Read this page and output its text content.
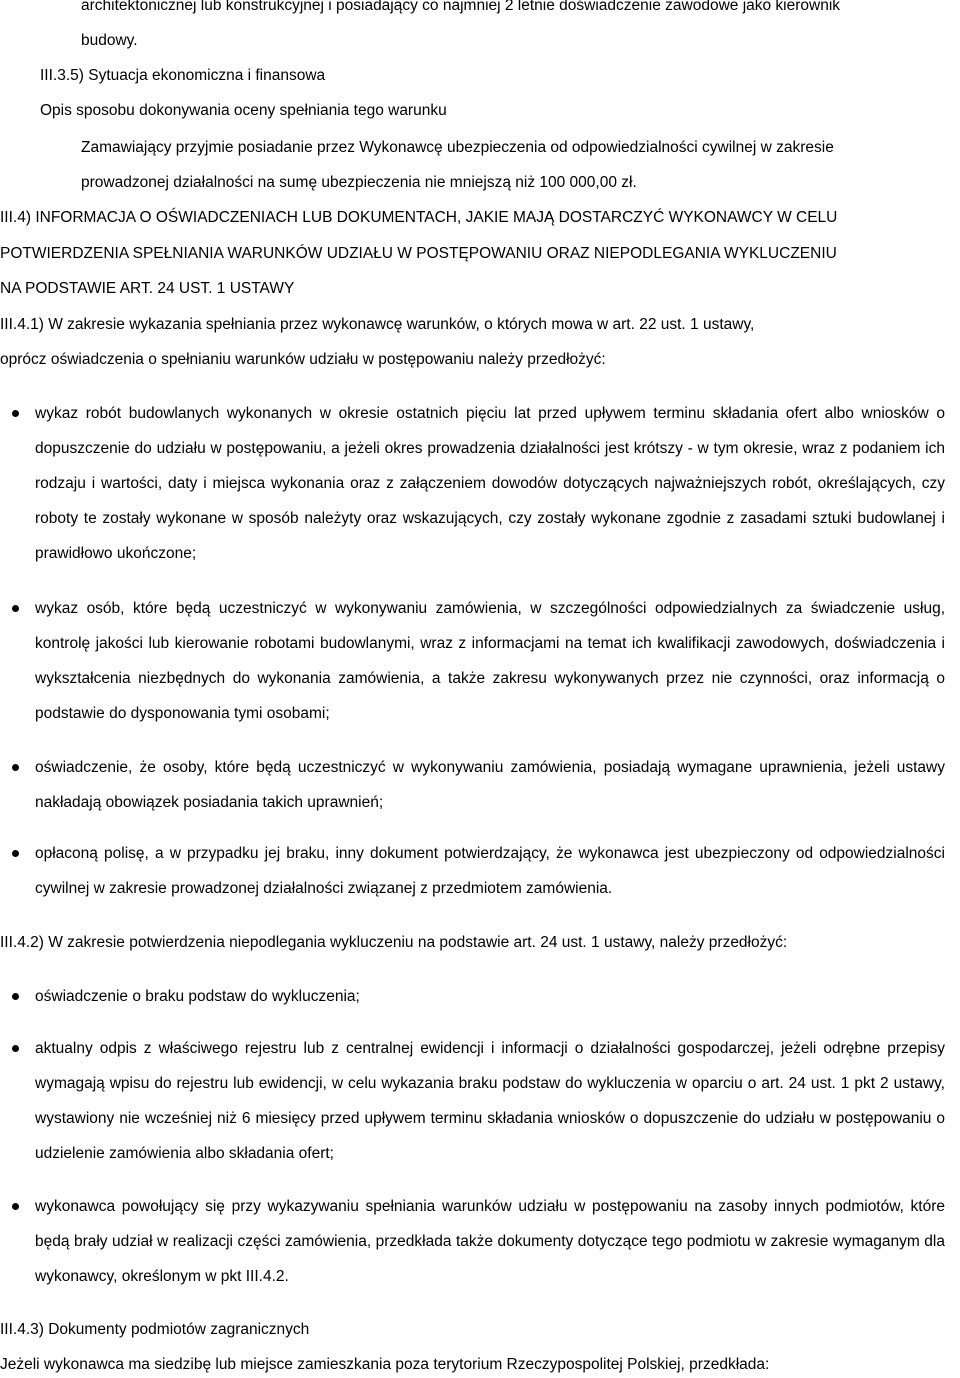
architektonicznej lub konstrukcyjnej i posiadający co najmniej 2 letnie doświadczenie zawodowe jako kierownik
budowy.
III.3.5) Sytuacja ekonomiczna i finansowa
Opis sposobu dokonywania oceny spełniania tego warunku
Zamawiający przyjmie posiadanie przez Wykonawcę ubezpieczenia od odpowiedzialności cywilnej w zakresie
prowadzonej działalności na sumę ubezpieczenia nie mniejszą niż 100 000,00 zł.
III.4) INFORMACJA O OŚWIADCZENIACH LUB DOKUMENTACH, JAKIE MAJĄ DOSTARCZYĆ WYKONAWCY W CELU
POTWIERDZENIA SPEŁNIANIA WARUNKÓW UDZIAŁU W POSTĘPOWANIU ORAZ NIEPODLEGANIA WYKLUCZENIU
NA PODSTAWIE ART. 24 UST. 1 USTAWY
III.4.1) W zakresie wykazania spełniania przez wykonawcę warunków, o których mowa w art. 22 ust. 1 ustawy,
oprócz oświadczenia o spełnianiu warunków udziału w postępowaniu należy przedłożyć:
wykaz robót budowlanych wykonanych w okresie ostatnich pięciu lat przed upływem terminu składania ofert albo wniosków o dopuszczenie do udziału w postępowaniu, a jeżeli okres prowadzenia działalności jest krótszy - w tym okresie, wraz z podaniem ich rodzaju i wartości, daty i miejsca wykonania oraz z załączeniem dowodów dotyczących najważniejszych robót, określających, czy roboty te zostały wykonane w sposób należyty oraz wskazujących, czy zostały wykonane zgodnie z zasadami sztuki budowlanej i prawidłowo ukończone;
wykaz osób, które będą uczestniczyć w wykonywaniu zamówienia, w szczególności odpowiedzialnych za świadczenie usług, kontrolę jakości lub kierowanie robotami budowlanymi, wraz z informacjami na temat ich kwalifikacji zawodowych, doświadczenia i wykształcenia niezbędnych do wykonania zamówienia, a także zakresu wykonywanych przez nie czynności, oraz informacją o podstawie do dysponowania tymi osobami;
oświadczenie, że osoby, które będą uczestniczyć w wykonywaniu zamówienia, posiadają wymagane uprawnienia, jeżeli ustawy nakładają obowiązek posiadania takich uprawnień;
opłaconą polisę, a w przypadku jej braku, inny dokument potwierdzający, że wykonawca jest ubezpieczony od odpowiedzialności cywilnej w zakresie prowadzonej działalności związanej z przedmiotem zamówienia.
III.4.2) W zakresie potwierdzenia niepodlegania wykluczeniu na podstawie art. 24 ust. 1 ustawy, należy przedłożyć:
oświadczenie o braku podstaw do wykluczenia;
aktualny odpis z właściwego rejestru lub z centralnej ewidencji i informacji o działalności gospodarczej, jeżeli odrębne przepisy wymagają wpisu do rejestru lub ewidencji, w celu wykazania braku podstaw do wykluczenia w oparciu o art. 24 ust. 1 pkt 2 ustawy, wystawiony nie wcześniej niż 6 miesięcy przed upływem terminu składania wniosków o dopuszczenie do udziału w postępowaniu o udzielenie zamówienia albo składania ofert;
wykonawca powołujący się przy wykazywaniu spełniania warunków udziału w postępowaniu na zasoby innych podmiotów, które będą brały udział w realizacji części zamówienia, przedkłada także dokumenty dotyczące tego podmiotu w zakresie wymaganym dla wykonawcy, określonym w pkt III.4.2.
III.4.3) Dokumenty podmiotów zagranicznych
Jeżeli wykonawca ma siedzibę lub miejsce zamieszkania poza terytorium Rzeczypospolitej Polskiej, przedkłada:
